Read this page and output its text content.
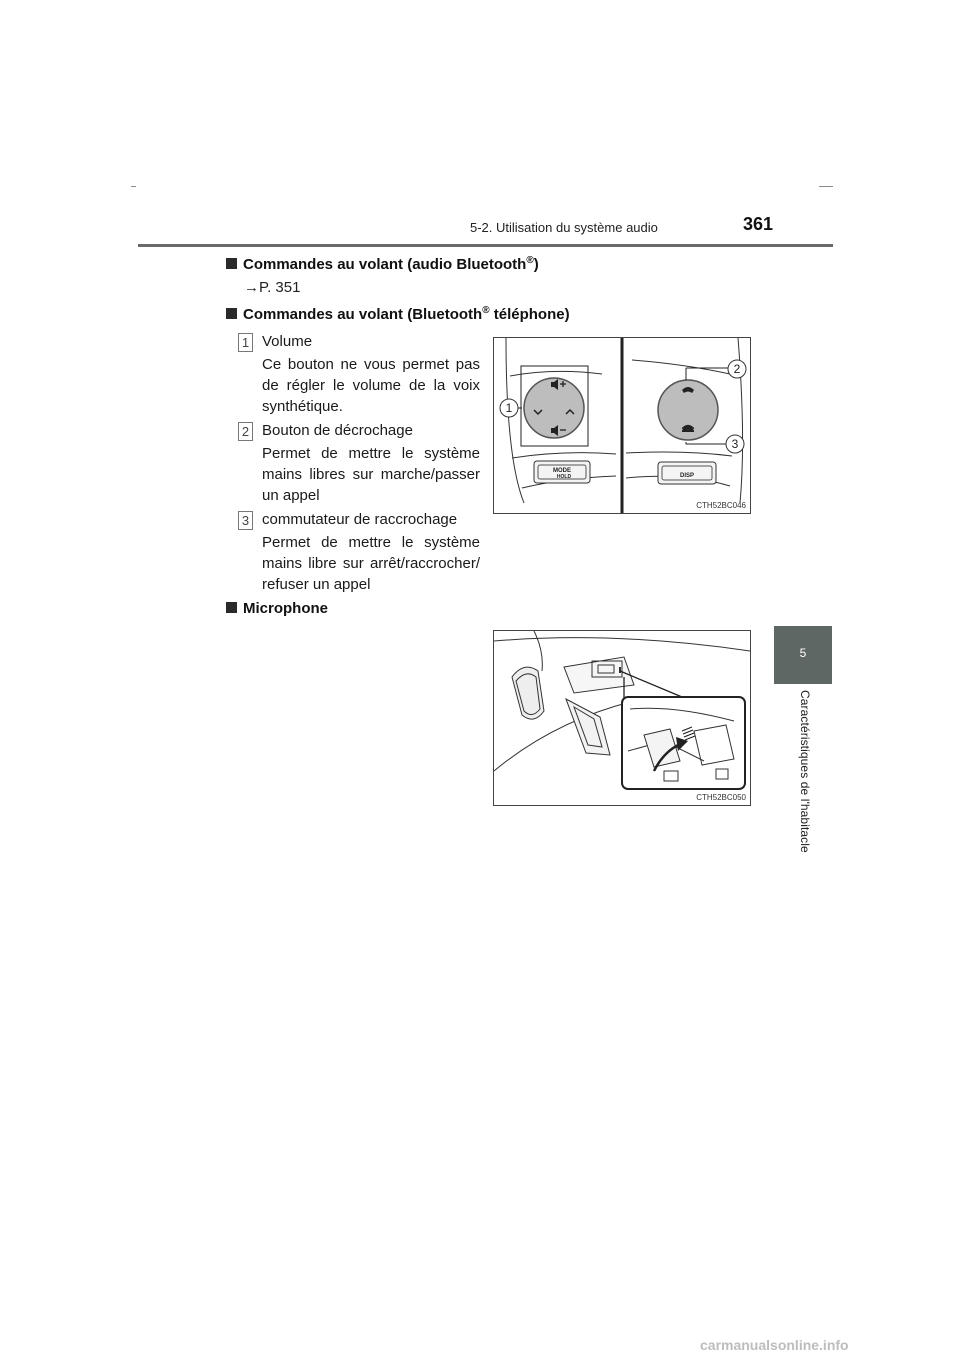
5-2. Utilisation du système audio	361
5
Caractéristiques de l'habitacle
Commandes au volant (audio Bluetooth®)
→P. 351
Commandes au volant (Bluetooth® téléphone)
1 Volume
Ce bouton ne vous permet pas de régler le volume de la voix synthétique.
2 Bouton de décrochage
Permet de mettre le système mains libres sur marche/passer un appel
3 commutateur de raccrochage
Permet de mettre le système mains libre sur arrêt/raccrocher/ refuser un appel
Microphone
1
2
3
MODE
HOLD	DISP
CTH52BC046
CTH52BC050
carmanualsonline.info
